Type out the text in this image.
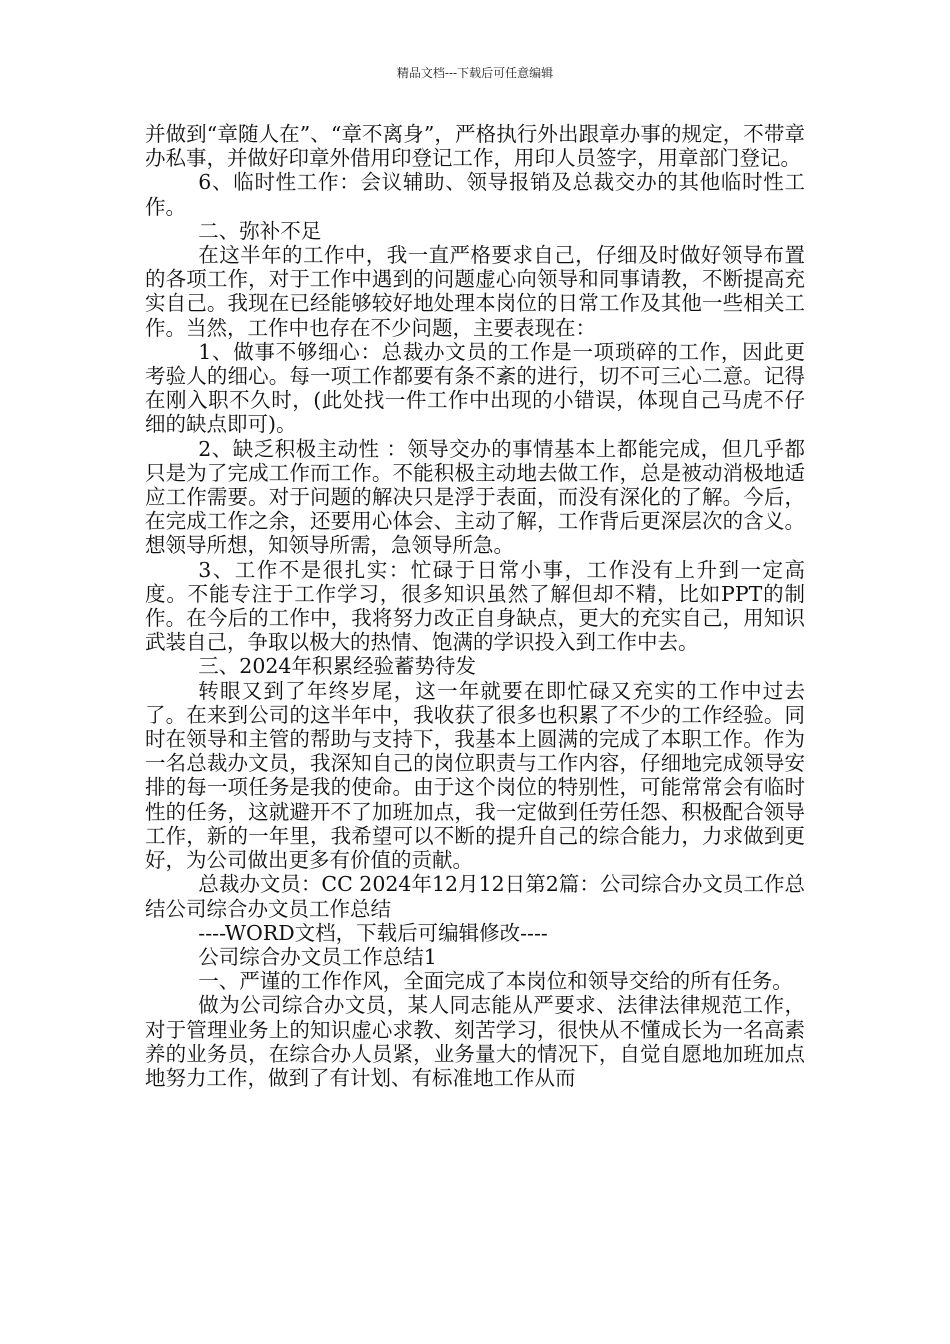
精品文档---下载后可任意编辑

并做到“章随人在”、“章不离身”，严格执行外出跟章办事的规定，不带章办私事，并做好印章外借用印登记工作，用印人员签字，用章部门登记。

6、临时性工作：会议辅助、领导报销及总裁交办的其他临时性工作。

二、弥补不足

在这半年的工作中，我一直严格要求自己，仔细及时做好领导布置的各项工作，对于工作中遇到的问题虚心向领导和同事请教，不断提高充实自己。我现在已经能够较好地处理本岗位的日常工作及其他一些相关工作。当然，工作中也存在不少问题，主要表现在：

1、做事不够细心：总裁办文员的工作是一项琐碎的工作，因此更考验人的细心。每一项工作都要有条不紊的进行，切不可三心二意。记得在刚入职不久时，(此处找一件工作中出现的小错误，体现自己马虎不仔细的缺点即可)。

2、缺乏积极主动性 ：领导交办的事情基本上都能完成，但几乎都只是为了完成工作而工作。不能积极主动地去做工作，总是被动消极地适应工作需要。对于问题的解决只是浮于表面，而没有深化的了解。今后，在完成工作之余，还要用心体会、主动了解，工作背后更深层次的含义。想领导所想，知领导所需，急领导所急。

3、工作不是很扎实：忙碌于日常小事，工作没有上升到一定高度。不能专注于工作学习，很多知识虽然了解但却不精，比如PPT的制作。在今后的工作中，我将努力改正自身缺点，更大的充实自己，用知识武装自己，争取以极大的热情、饱满的学识投入到工作中去。

三、2024年积累经验蓄势待发

转眼又到了年终岁尾，这一年就要在即忙碌又充实的工作中过去了。在来到公司的这半年中，我收获了很多也积累了不少的工作经验。同时在领导和主管的帮助与支持下，我基本上圆满的完成了本职工作。作为一名总裁办文员，我深知自己的岗位职责与工作内容，仔细地完成领导安排的每一项任务是我的使命。由于这个岗位的特别性，可能常常会有临时性的任务，这就避开不了加班加点，我一定做到任劳任怨、积极配合领导工作，新的一年里，我希望可以不断的提升自己的综合能力，力求做到更好，为公司做出更多有价值的贡献。

总裁办文员：CC 2024年12月12日第2篇：公司综合办文员工作总结公司综合办文员工作总结

----WORD文档，下载后可编辑修改----

公司综合办文员工作总结1

一、严谨的工作作风，全面完成了本岗位和领导交给的所有任务。

做为公司综合办文员，某人同志能从严要求、法律法律规范工作，对于管理业务上的知识虚心求教、刻苦学习，很快从不懂成长为一名高素养的业务员，在综合办人员紧，业务量大的情况下，自觉自愿地加班加点地努力工作，做到了有计划、有标准地工作从而
